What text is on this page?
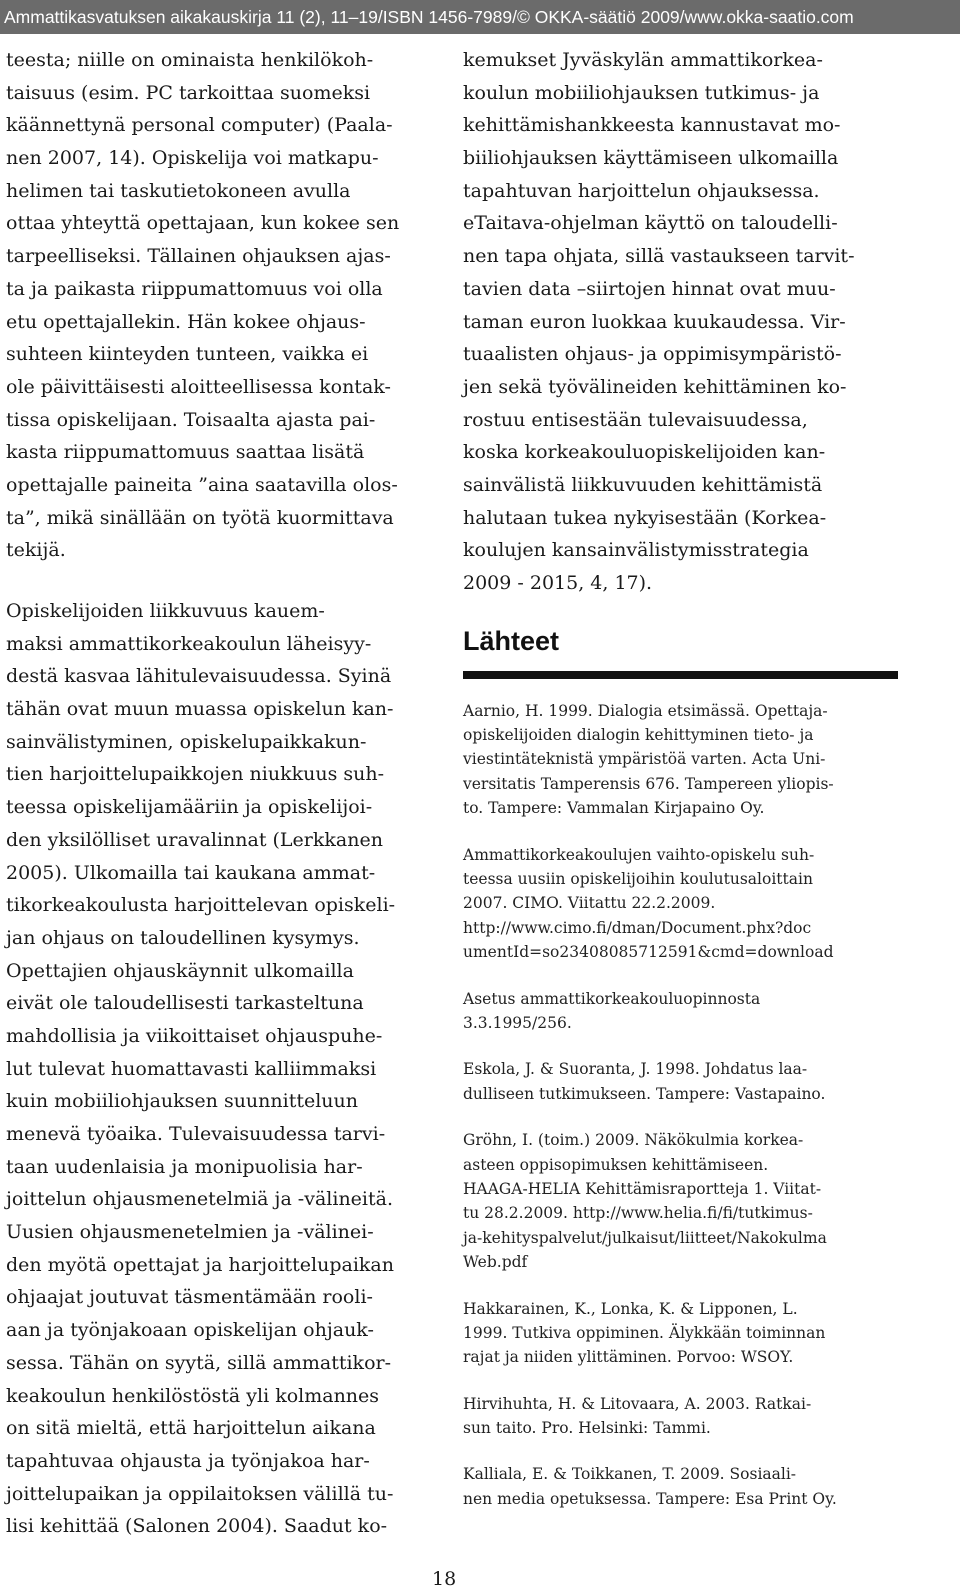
Ammattikasvatuksen aikakauskirja 11 (2), 11–19/ISBN 1456-7989/© OKKA-säätiö 2009/www.okka-saatio.com
teesta; niille on ominaista henkilökoh-
taisuus (esim. PC tarkoittaa suomeksi
käännettynä personal computer) (Paala-
nen 2007, 14). Opiskelija voi matkapu-
helimen tai taskutietokoneen avulla
ottaa yhteyttä opettajaan, kun kokee sen
tarpeelliseksi. Tällainen ohjauksen ajas-
ta ja paikasta riippumattomuus voi olla
etu opettajallekin. Hän kokee ohjaus-
suhteen kiinteyden tunteen, vaikka ei
ole päivittäisesti aloitteellisessa kontak-
tissa opiskelijaan. Toisaalta ajasta pai-
kasta riippumattomuus saattaa lisätä
opettajalle paineita ”aina saatavilla olos-
ta”, mikä sinällään on työtä kuormittava
tekijä.
Opiskelijoiden liikkuvuus kauem-
maksi ammattikorkeakoulun läheisyy-
destä kasvaa lähitulevaisuudessa. Syinä
tähän ovat muun muassa opiskelun kan-
sainvälistyminen, opiskelupaikkakun-
tien harjoittelupaikkojen niukkuus suh-
teessa opiskelijamääriin ja opiskelijoi-
den yksilölliset uravalinnat (Lerkkanen
2005). Ulkomailla tai kaukana ammat-
tikorkeakoulusta harjoittelevan opiskeli-
jan ohjaus on taloudellinen kysymys.
Opettajien ohjauskäynnit ulkomailla
eivät ole taloudellisesti tarkasteltuna
mahdollisia ja viikoittaiset ohjauspuhe-
lut tulevat huomattavasti kalliimmaksi
kuin mobiiliohjauksen suunnitteluun
menevä työaika. Tulevaisuudessa tarvi-
taan uudenlaisia ja monipuolisia har-
joittelun ohjausmenetelmiä ja -välineitä.
Uusien ohjausmenetelmien ja -välinei-
den myötä opettajat ja harjoittelupaikan
ohjaajat joutuvat täsmentämään rooli-
aan ja työnjakoaan opiskelijan ohjauk-
sessa. Tähän on syytä, sillä ammattikor-
keakoulun henkilöstöstä yli kolmannes
on sitä mieltä, että harjoittelun aikana
tapahtuvaa ohjausta ja työnjakoa har-
joittelupaikan ja oppilaitoksen välillä tu-
lisi kehittää (Salonen 2004). Saadut ko-
kemukset Jyväskylän ammattikorkea-
koulun mobiiliohjauksen tutkimus- ja
kehittämishankkeesta kannustavat mo-
biiliohjauksen käyttämiseen ulkomailla
tapahtuvan harjoittelun ohjauksessa.
eTaitava-ohjelman käyttö on taloudelli-
nen tapa ohjata, sillä vastaukseen tarvit-
tavien data –siirtojen hinnat ovat muu-
taman euron luokkaa kuukaudessa. Vir-
tuaalisten ohjaus- ja oppimisympäristö-
jen sekä työvälineiden kehittäminen ko-
rostuu entisestään tulevaisuudessa,
koska korkeakouluopiskelijoiden kan-
sainvälistä liikkuvuuden kehittämistä
halutaan tukea nykyisestään (Korkea-
koulujen kansainvälistymisstrategia
2009 - 2015, 4, 17).
Lähteet
Aarnio, H. 1999. Dialogia etsimässä. Opettaja-
opiskelijoiden dialogin kehittyminen tieto- ja
viestintäteknistä ympäristöä varten. Acta Uni-
versitatis Tamperensis 676. Tampereen yliopis-
to. Tampere: Vammalan Kirjapaino Oy.
Ammattikorkeakoulujen vaihto-opiskelu suh-
teessa uusiin opiskelijoihin koulutusaloittain
2007. CIMO. Viitattu 22.2.2009.
http://www.cimo.fi/dman/Document.phx?doc
umentId=so23408085712591&cmd=download
Asetus ammattikorkeakouluopinnosta
3.3.1995/256.
Eskola, J. & Suoranta, J. 1998. Johdatus laa-
dulliseen tutkimukseen. Tampere: Vastapaino.
Gröhn, I. (toim.) 2009. Näkökulmia korkea-
asteen oppisopimuksen kehittämiseen.
HAAGA-HELIA Kehittämisraportteja 1. Viitat-
tu 28.2.2009. http://www.helia.fi/fi/tutkimus-
ja-kehityspalvelut/julkaisut/liitteet/Nakokulma
Web.pdf
Hakkarainen, K., Lonka, K. & Lipponen, L.
1999. Tutkiva oppiminen. Älykkään toiminnan
rajat ja niiden ylittäminen. Porvoo: WSOY.
Hirvihuhta, H. & Litovaara, A. 2003. Ratkai-
sun taito. Pro. Helsinki: Tammi.
Kalliala, E. & Toikkanen, T. 2009. Sosiaali-
nen media opetuksessa. Tampere: Esa Print Oy.
18
